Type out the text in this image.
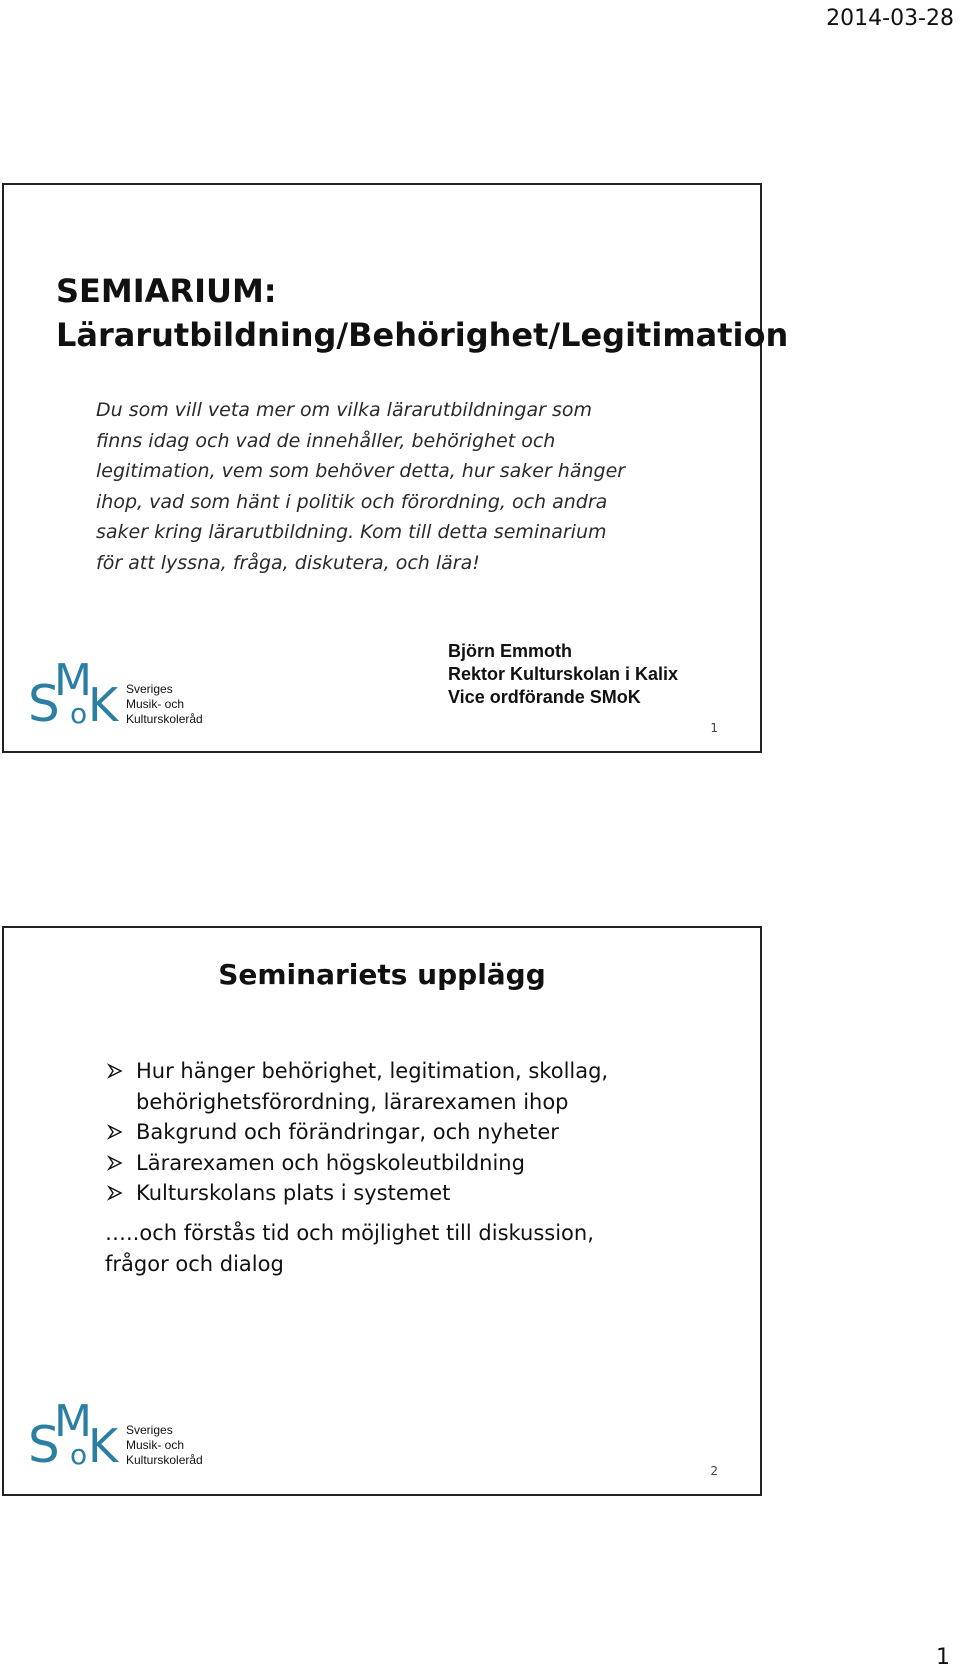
2014-03-28
SEMIARIUM:
Lärarutbildning/Behörighet/Legitimation
Du som vill veta mer om vilka lärarutbildningar som
finns idag och vad de innehåller, behörighet och
legitimation, vem som behöver detta, hur saker hänger
ihop, vad som hänt i politik och förordning, och andra
saker kring lärarutbildning. Kom till detta seminarium
för att lyssna, fråga, diskutera, och lära!
Björn Emmoth
Rektor Kulturskolan i Kalix
Vice ordförande SMoK
S
M
o K Sveriges
Musik- och
Kulturskoleråd
1
Seminariets upplägg
Hur hänger behörighet, legitimation, skollag,
behörighetsförordning, lärarexamen ihop
Bakgrund och förändringar, och nyheter
Lärarexamen och högskoleutbildning
Kulturskolans plats i systemet
…..och förstås tid och möjlighet till diskussion,
frågor och dialog
S
M
o K Sveriges
Musik- och
Kulturskoleråd
2
1
